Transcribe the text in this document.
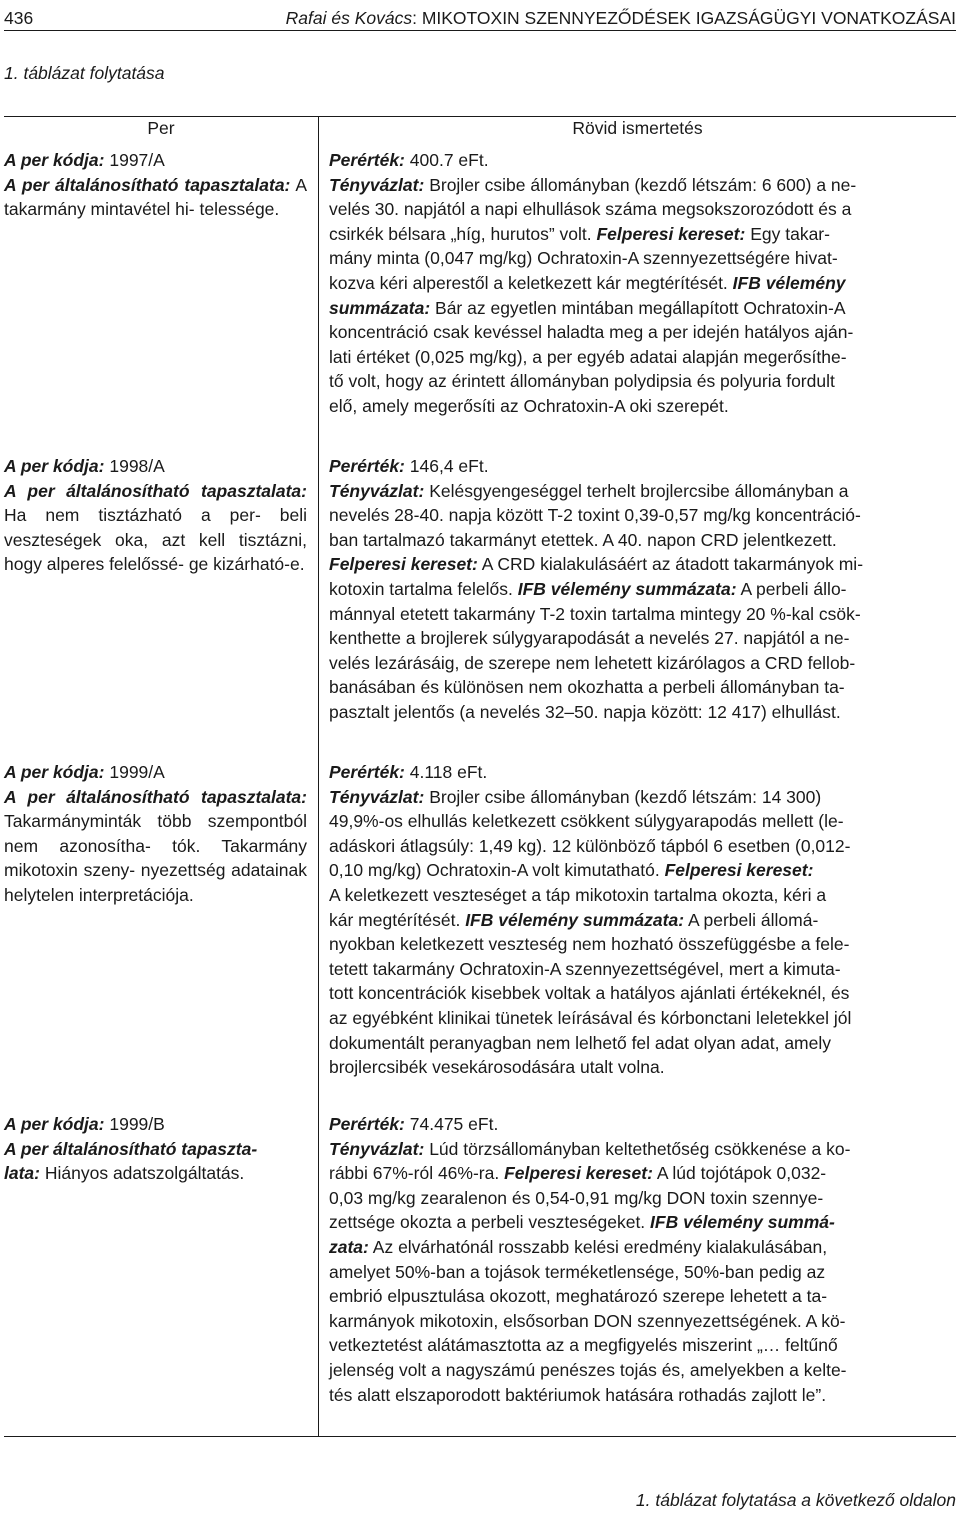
436	Rafai és Kovács: MIKOTOXIN SZENNYEZŐDÉSEK IGAZSÁGÜGYI VONATKOZÁSAI
1. táblázat folytatása
Per	Rövid ismertetés
A per kódja: 1997/A
A per általánosítható tapasztalata: A takarmány mintavétel hi- telessége.
Perérték: 400.7 eFt.
Tényvázlat: Brojler csibe állományban (kezdő létszám: 6 600) a ne-
velés 30. napjától a napi elhullások száma megsokszorozódott és a
csirkék bélsara „híg, hurutos” volt. Felperesi kereset: Egy takar-
mány minta (0,047 mg/kg) Ochratoxin-A szennyezettségére hivat-
kozva kéri alperestől a keletkezett kár megtérítését. IFB vélemény
summázata: Bár az egyetlen mintában megállapított Ochratoxin-A
koncentráció csak kevéssel haladta meg a per idején hatályos aján-
lati értéket (0,025 mg/kg), a per egyéb adatai alapján megerősíthe-
tő volt, hogy az érintett állományban polydipsia és polyuria fordult
elő, amely megerősíti az Ochratoxin-A oki szerepét.
A per kódja: 1998/A
A per általánosítható tapasztalata: Ha nem tisztázható a per- beli veszteségek oka, azt kell tisztázni, hogy alperes felelőssé- ge kizárható-e.
Perérték: 146,4 eFt.
Tényvázlat: Kelésgyengeséggel terhelt brojlercsibe állományban a
nevelés 28-40. napja között T-2 toxint 0,39-0,57 mg/kg koncentráció-
ban tartalmazó takarmányt etettek. A 40. napon CRD jelentkezett.
Felperesi kereset: A CRD kialakulásáért az átadott takarmányok mi-
kotoxin tartalma felelős. IFB vélemény summázata: A perbeli állo-
mánnyal etetett takarmány T-2 toxin tartalma mintegy 20 %-kal csök-
kenthette a brojlerek súlygyarapodását a nevelés 27. napjától a ne-
velés lezárásáig, de szerepe nem lehetett kizárólagos a CRD fellob-
banásában és különösen nem okozhatta a perbeli állományban ta-
pasztalt jelentős (a nevelés 32–50. napja között: 12 417) elhullást.
A per kódja: 1999/A
A per általánosítható tapasztalata: Takarmányminták több szempontból nem azonosítha- tók. Takarmány mikotoxin szeny- nyezettség adatainak helytelen interpretációja.
Perérték: 4.118 eFt.
Tényvázlat: Brojler csibe állományban (kezdő létszám: 14 300)
49,9%-os elhullás keletkezett csökkent súlygyarapodás mellett (le-
adáskori átlagsúly: 1,49 kg). 12 különböző tápból 6 esetben (0,012-
0,10 mg/kg) Ochratoxin-A volt kimutatható. Felperesi kereset:
A keletkezett veszteséget a táp mikotoxin tartalma okozta, kéri a
kár megtérítését. IFB vélemény summázata: A perbeli állomá-
nyokban keletkezett veszteség nem hozható összefüggésbe a fele-
tetett takarmány Ochratoxin-A szennyezettségével, mert a kimuta-
tott koncentrációk kisebbek voltak a hatályos ajánlati értékeknél, és
az egyébként klinikai tünetek leírásával és kórbonctani leletekkel jól
dokumentált peranyagban nem lelhető fel adat olyan adat, amely
brojlercsibék vesekárosodására utalt volna.
A per kódja: 1999/B
A per általánosítható tapaszta-
lata: Hiányos adatszolgáltatás.
Perérték: 74.475 eFt.
Tényvázlat: Lúd törzsállományban keltethetőség csökkenése a ko-
rábbi 67%-ról 46%-ra. Felperesi kereset: A lúd tojótápok 0,032-
0,03 mg/kg zearalenon és 0,54-0,91 mg/kg DON toxin szennye-
zettsége okozta a perbeli veszteségeket. IFB vélemény summá-
zata: Az elvárhatónál rosszabb kelési eredmény kialakulásában,
amelyet 50%-ban a tojások terméketlensége, 50%-ban pedig az
embrió elpusztulása okozott, meghatározó szerepe lehetett a ta-
karmányok mikotoxin, elsősorban DON szennyezettségének. A kö-
vetkeztetést alátámasztotta az a megfigyelés miszerint „… feltűnő
jelenség volt a nagyszámú penészes tojás és, amelyekben a kelte-
tés alatt elszaporodott baktériumok hatására rothadás zajlott le”.
1. táblázat folytatása a következő oldalon
